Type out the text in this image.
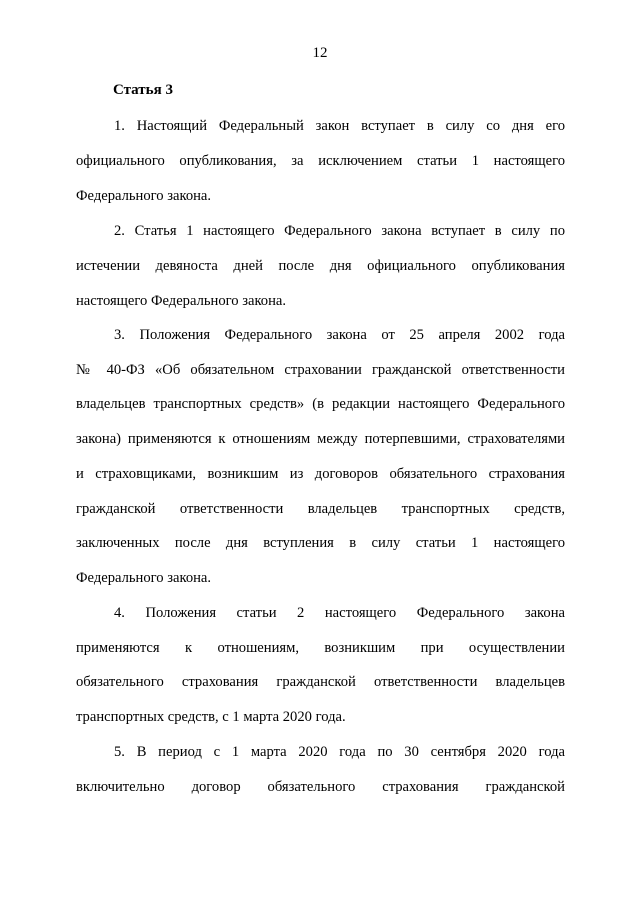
12
Статья 3
1. Настоящий Федеральный закон вступает в силу со дня его
официального опубликования, за исключением статьи 1 настоящего
Федерального закона.
2. Статья 1 настоящего Федерального закона вступает в силу по
истечении девяноста дней после дня официального опубликования
настоящего Федерального закона.
3. Положения Федерального закона от 25 апреля 2002 года
№ 40-ФЗ «Об обязательном страховании гражданской ответственности
владельцев транспортных средств» (в редакции настоящего Федерального
закона) применяются к отношениям между потерпевшими, страхователями
и страховщиками, возникшим из договоров обязательного страхования
гражданской ответственности владельцев транспортных средств,
заключенных после дня вступления в силу статьи 1 настоящего
Федерального закона.
4. Положения статьи 2 настоящего Федерального закона
применяются к отношениям, возникшим при осуществлении
обязательного страхования гражданской ответственности владельцев
транспортных средств, с 1 марта 2020 года.
5. В период с 1 марта 2020 года по 30 сентября 2020 года
включительно договор обязательного страхования гражданской
